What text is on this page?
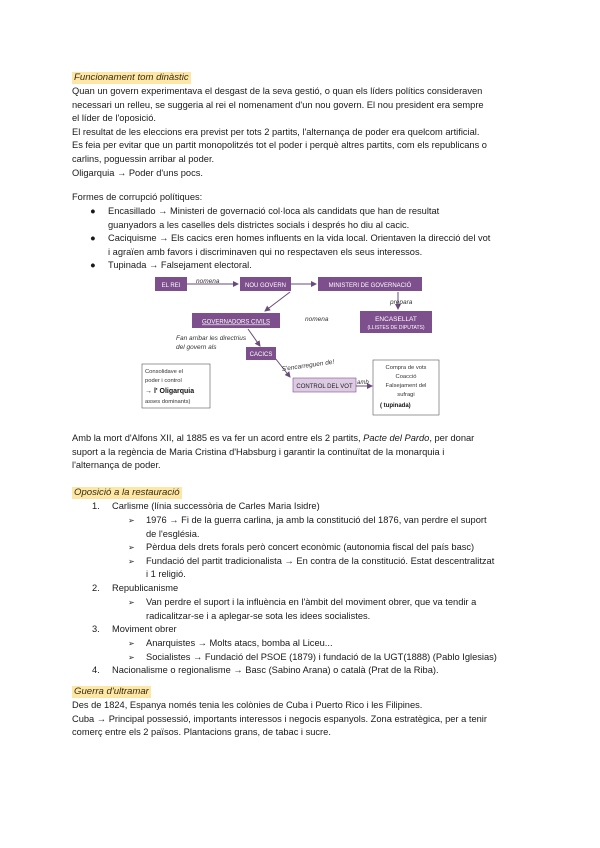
Funcionament tom dinàstic

Quan un govern experimentava el desgast de la seva gestió, o quan els líders polítics consideraven

necessari un relleu, se suggeria al rei el nomenament d'un nou govern. El nou president era sempre

el líder de l'oposició.

El resultat de les eleccions era previst per tots 2 partits, l'alternança de poder era quelcom artificial.

Es feia per evitar que un partit monopolitzés tot el poder i perquè altres partits, com els republicans o

carlins, poguessin arribar al poder.

Oligarquia → Poder d'uns pocs.

Formes de corrupció polítiques:

● Encasillado → Ministeri de governació col·loca als candidats que han de resultat

guanyadors a les caselles dels districtes socials i després ho diu al cacic.

● Caciquisme → Els cacics eren homes influents en la vida local. Orientaven la direcció del vot

i agraïen amb favors i discriminaven qui no respectaven els seus interessos.

● Tupinada → Falsejament electoral.

EL REI	NOU GOVERN	MINISTERI DE GOVERNACIÓ
ENCASELLAT
(LLISTES DE DIPUTATS)
GOVERNADORS CIVILS
CACICS
CONTROL DEL VOT
nomena
prepara
nomena
Fan arribar les directrius
del govern als
S'encarreguen de!
amb
Consolidave el
poder i control
→ l' Oligarquia
asses dominants)
Compra de vots
Coacció
Falsejament del
sufragi
( tupinada)

Amb la mort d'Alfons XII, al 1885 es va fer un acord entre els 2 partits, Pacte del Pardo, per donar

suport a la regència de Maria Cristina d'Habsburg i garantir la continuïtat de la monarquia i

l'alternança de poder.

Oposició a la restauració
1. Carlisme (línia successòria de Carles Maria Isidre)

➢ 1976 → Fi de la guerra carlina, ja amb la constitució del 1876, van perdre el suport

de l'església.

➢ Pèrdua dels drets forals però concert econòmic (autonomia fiscal del país basc)

➢ Fundació del partit tradicionalista → En contra de la constitució. Estat descentralitzat

i 1 religió.

2. Republicanisme

➢ Van perdre el suport i la influència en l'àmbit del moviment obrer, que va tendir a

radicalitzar-se i a aplegar-se sota les idees socialistes.

3. Moviment obrer

➢ Anarquistes → Molts atacs, bomba al Liceu...

➢ Socialistes → Fundació del PSOE (1879) i fundació de la UGT(1888) (Pablo Iglesias)

4. Nacionalisme o regionalisme → Basc (Sabino Arana) o català (Prat de la Riba).
Guerra d'ultramar

Des de 1824, Espanya només tenia les colònies de Cuba i Puerto Rico i les Filipines.

Cuba → Principal possessió, importants interessos i negocis espanyols. Zona estratègica, per a tenir

comerç entre els 2 països. Plantacions grans, de tabac i sucre.
